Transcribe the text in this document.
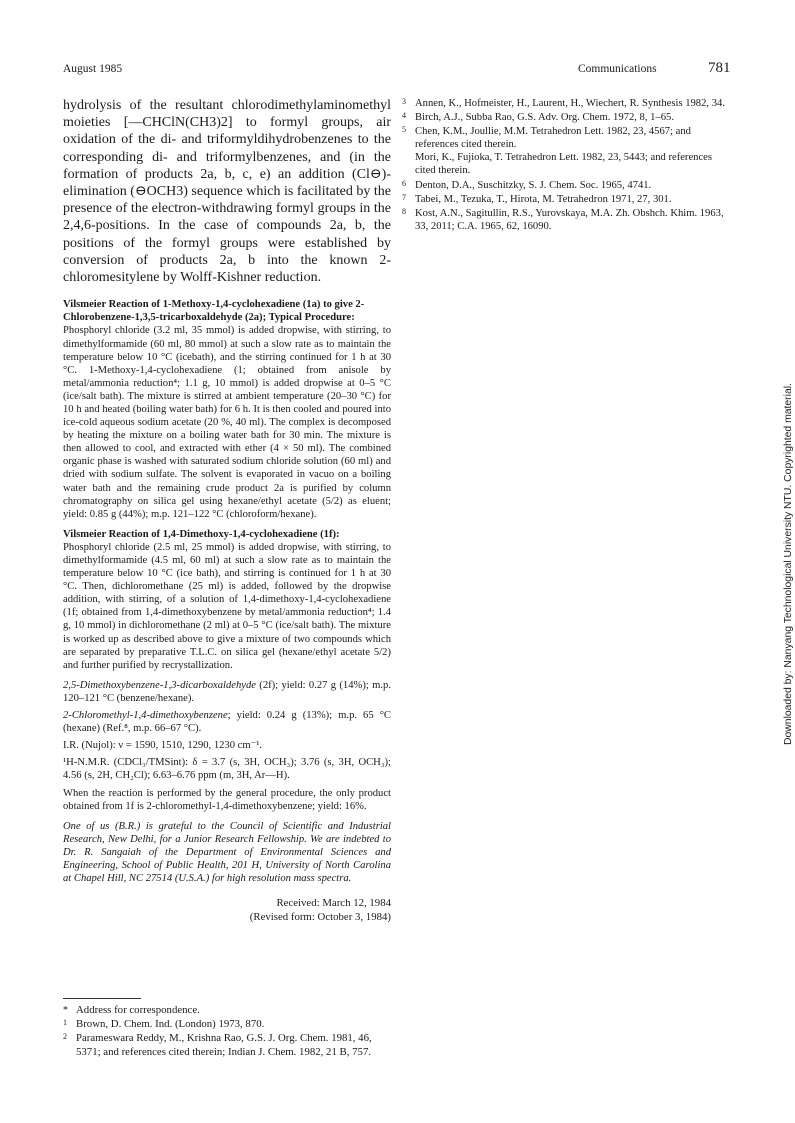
August 1985	Communications	781

hydrolysis of the resultant chlorodimethylaminomethyl moieties [—CHClN(CH3)2] to formyl groups, air oxidation of the di- and triformyldihydrobenzenes to the corresponding di- and triformylbenzenes, and (in the formation of products 2a, b, c, e) an addition (Cl⊖)-elimination (⊖OCH3) sequence which is facilitated by the presence of the electron-withdrawing formyl groups in the 2,4,6-positions. In the case of compounds 2a, b, the positions of the formyl groups were established by conversion of products 2a, b into the known 2-chloromesitylene by Wolff-Kishner reduction.

Vilsmeier Reaction of 1-Methoxy-1,4-cyclohexadiene (1a) to give 2-Chlorobenzene-1,3,5-tricarboxaldehyde (2a); Typical Procedure:

Phosphoryl chloride (3.2 ml, 35 mmol) is added dropwise, with stirring, to dimethylformamide (60 ml, 80 mmol) at such a slow rate as to maintain the temperature below 10 °C (icebath), and the stirring continued for 1 h at 30 °C. 1-Methoxy-1,4-cyclohexadiene (1; obtained from anisole by metal/ammonia reduction⁴; 1.1 g, 10 mmol) is added dropwise at 0–5 °C (ice/salt bath). The mixture is stirred at ambient temperature (20–30 °C) for 10 h and heated (boiling water bath) for 6 h. It is then cooled and poured into ice-cold aqueous sodium acetate (20 %, 40 ml). The complex is decomposed by heating the mixture on a boiling water bath for 30 min. The mixture is then allowed to cool, and extracted with ether (4 × 50 ml). The combined organic phase is washed with saturated sodium chloride solution (60 ml) and dried with sodium sulfate. The solvent is evaporated in vacuo on a boiling water bath and the remaining crude product 2a is purified by column chromatography on silica gel using hexane/ethyl acetate (5/2) as eluent; yield: 0.85 g (44%); m.p. 121–122 °C (chloroform/hexane).

Vilsmeier Reaction of 1,4-Dimethoxy-1,4-cyclohexadiene (1f):

Phosphoryl chloride (2.5 ml, 25 mmol) is added dropwise, with stirring, to dimethylformamide (4.5 ml, 60 ml) at such a slow rate as to maintain the temperature below 10 °C (ice bath), and stirring is continued for 1 h at 30 °C. Then, dichloromethane (25 ml) is added, followed by the dropwise addition, with stirring, of a solution of 1,4-dimethoxy-1,4-cyclohexadiene (1f; obtained from 1,4-dimethoxybenzene by metal/ammonia reduction⁴; 1.4 g, 10 mmol) in dichloromethane (2 ml) at 0–5 °C (ice/salt bath). The mixture is worked up as described above to give a mixture of two compounds which are separated by preparative T.L.C. on silica gel (hexane/ethyl acetate 5/2) and further purified by recrystallization.

2,5-Dimethoxybenzene-1,3-dicarboxaldehyde (2f); yield: 0.27 g (14%); m.p. 120–121 °C (benzene/hexane).

2-Chloromethyl-1,4-dimethoxybenzene; yield: 0.24 g (13%); m.p. 65 °C (hexane) (Ref.⁸, m.p. 66–67 °C).

I.R. (Nujol): ν = 1590, 1510, 1290, 1230 cm⁻¹.

¹H-N.M.R. (CDCl₃/TMSint): δ = 3.7 (s, 3H, OCH₃); 3.76 (s, 3H, OCH₃); 4.56 (s, 2H, CH₂Cl); 6.63–6.76 ppm (m, 3H, Ar—H).

When the reaction is performed by the general procedure, the only product obtained from 1f is 2-chloromethyl-1,4-dimethoxybenzene; yield: 16%.

One of us (B.R.) is grateful to the Council of Scientific and Industrial Research, New Delhi, for a Junior Research Fellowship. We are indebted to Dr. R. Sangaiah of the Department of Environmental Sciences and Engineering, School of Public Health, 201 H, University of North Carolina at Chapel Hill, NC 27514 (U.S.A.) for high resolution mass spectra.

Received: March 12, 1984
(Revised form: October 3, 1984)
* Address for correspondence.
1 Brown, D. Chem. Ind. (London) 1973, 870.
2 Parameswara Reddy, M., Krishna Rao, G.S. J. Org. Chem. 1981, 46, 5371; and references cited therein; Indian J. Chem. 1982, 21 B, 757.
3 Annen, K., Hofmeister, H., Laurent, H., Wiechert, R. Synthesis 1982, 34.
4 Birch, A.J., Subba Rao, G.S. Adv. Org. Chem. 1972, 8, 1–65.
5 Chen, K.M., Joullie, M.M. Tetrahedron Lett. 1982, 23, 4567; and references cited therein.
Mori, K., Fujioka, T. Tetrahedron Lett. 1982, 23, 5443; and references cited therein.
6 Denton, D.A., Suschitzky, S. J. Chem. Soc. 1965, 4741.
7 Tabei, M., Tezuka, T., Hirota, M. Tetrahedron 1971, 27, 301.
8 Kost, A.N., Sagitullin, R.S., Yurovskaya, M.A. Zh. Obshch. Khim. 1963, 33, 2011; C.A. 1965, 62, 16090.
Downloaded by: Nanyang Technological University NTU. Copyrighted material.
